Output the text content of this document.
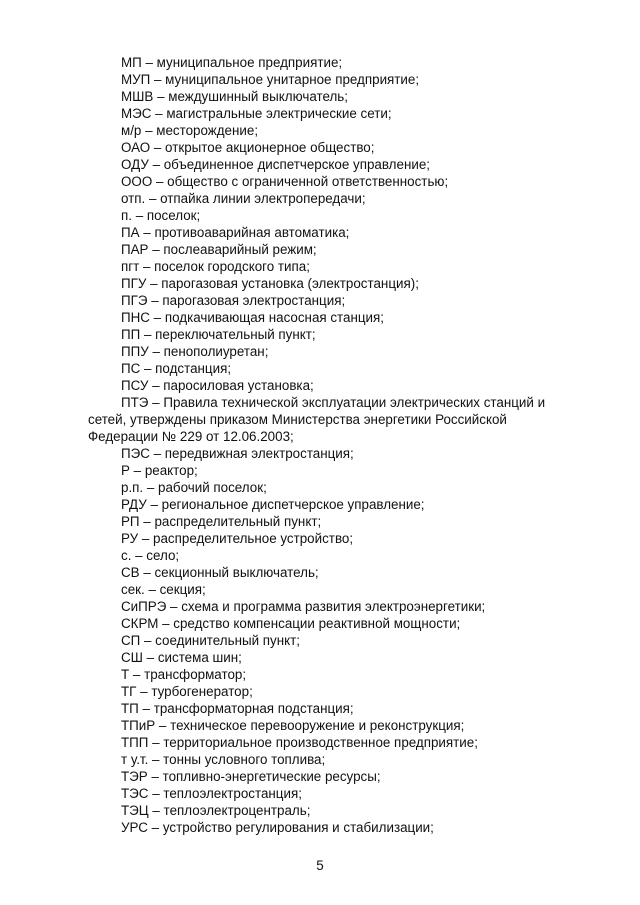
МП – муниципальное предприятие;
МУП – муниципальное унитарное предприятие;
МШВ – междушинный выключатель;
МЭС – магистральные электрические сети;
м/р – месторождение;
ОАО – открытое акционерное общество;
ОДУ – объединенное диспетчерское управление;
ООО – общество с ограниченной ответственностью;
отп. – отпайка линии электропередачи;
п. – поселок;
ПА – противоаварийная автоматика;
ПАР – послеаварийный режим;
пгт – поселок городского типа;
ПГУ – парогазовая установка (электростанция);
ПГЭ – парогазовая электростанция;
ПНС – подкачивающая насосная станция;
ПП – переключательный пункт;
ППУ – пенополиуретан;
ПС – подстанция;
ПСУ – паросиловая установка;
ПТЭ – Правила технической эксплуатации электрических станций и сетей, утверждены приказом Министерства энергетики Российской Федерации № 229 от 12.06.2003;
ПЭС – передвижная электростанция;
Р – реактор;
р.п. – рабочий поселок;
РДУ – региональное диспетчерское управление;
РП – распределительный пункт;
РУ – распределительное устройство;
с. – село;
СВ – секционный выключатель;
сек. – секция;
СиПРЭ – схема и программа развития электроэнергетики;
СКРМ – средство компенсации реактивной мощности;
СП – соединительный пункт;
СШ – система шин;
Т – трансформатор;
ТГ – турбогенератор;
ТП – трансформаторная подстанция;
ТПиР – техническое перевооружение и реконструкция;
ТПП – территориальное производственное предприятие;
т у.т. – тонны условного топлива;
ТЭР – топливно-энергетические ресурсы;
ТЭС – теплоэлектростанция;
ТЭЦ – теплоэлектроцентраль;
УРС – устройство регулирования и стабилизации;
5
